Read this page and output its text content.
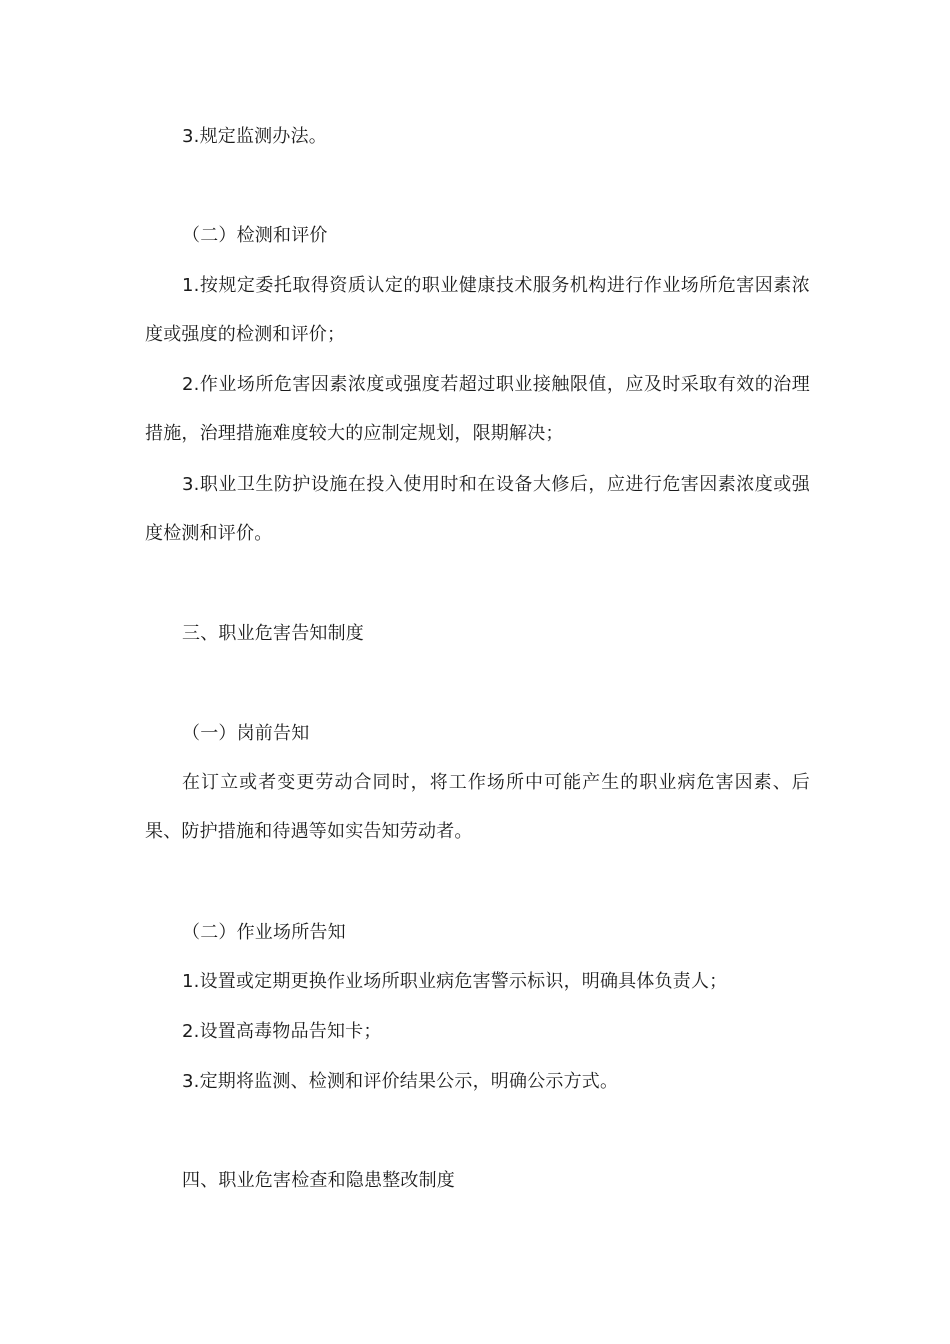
3.规定监测办法。

（二）检测和评价

1.按规定委托取得资质认定的职业健康技术服务机构进行作业场所危害因素浓度或强度的检测和评价；

2.作业场所危害因素浓度或强度若超过职业接触限值，应及时采取有效的治理措施，治理措施难度较大的应制定规划，限期解决；

3.职业卫生防护设施在投入使用时和在设备大修后，应进行危害因素浓度或强度检测和评价。

三、职业危害告知制度

（一）岗前告知

在订立或者变更劳动合同时，将工作场所中可能产生的职业病危害因素、后果、防护措施和待遇等如实告知劳动者。

（二）作业场所告知

1.设置或定期更换作业场所职业病危害警示标识，明确具体负责人；

2.设置高毒物品告知卡；

3.定期将监测、检测和评价结果公示，明确公示方式。

四、职业危害检查和隐患整改制度
